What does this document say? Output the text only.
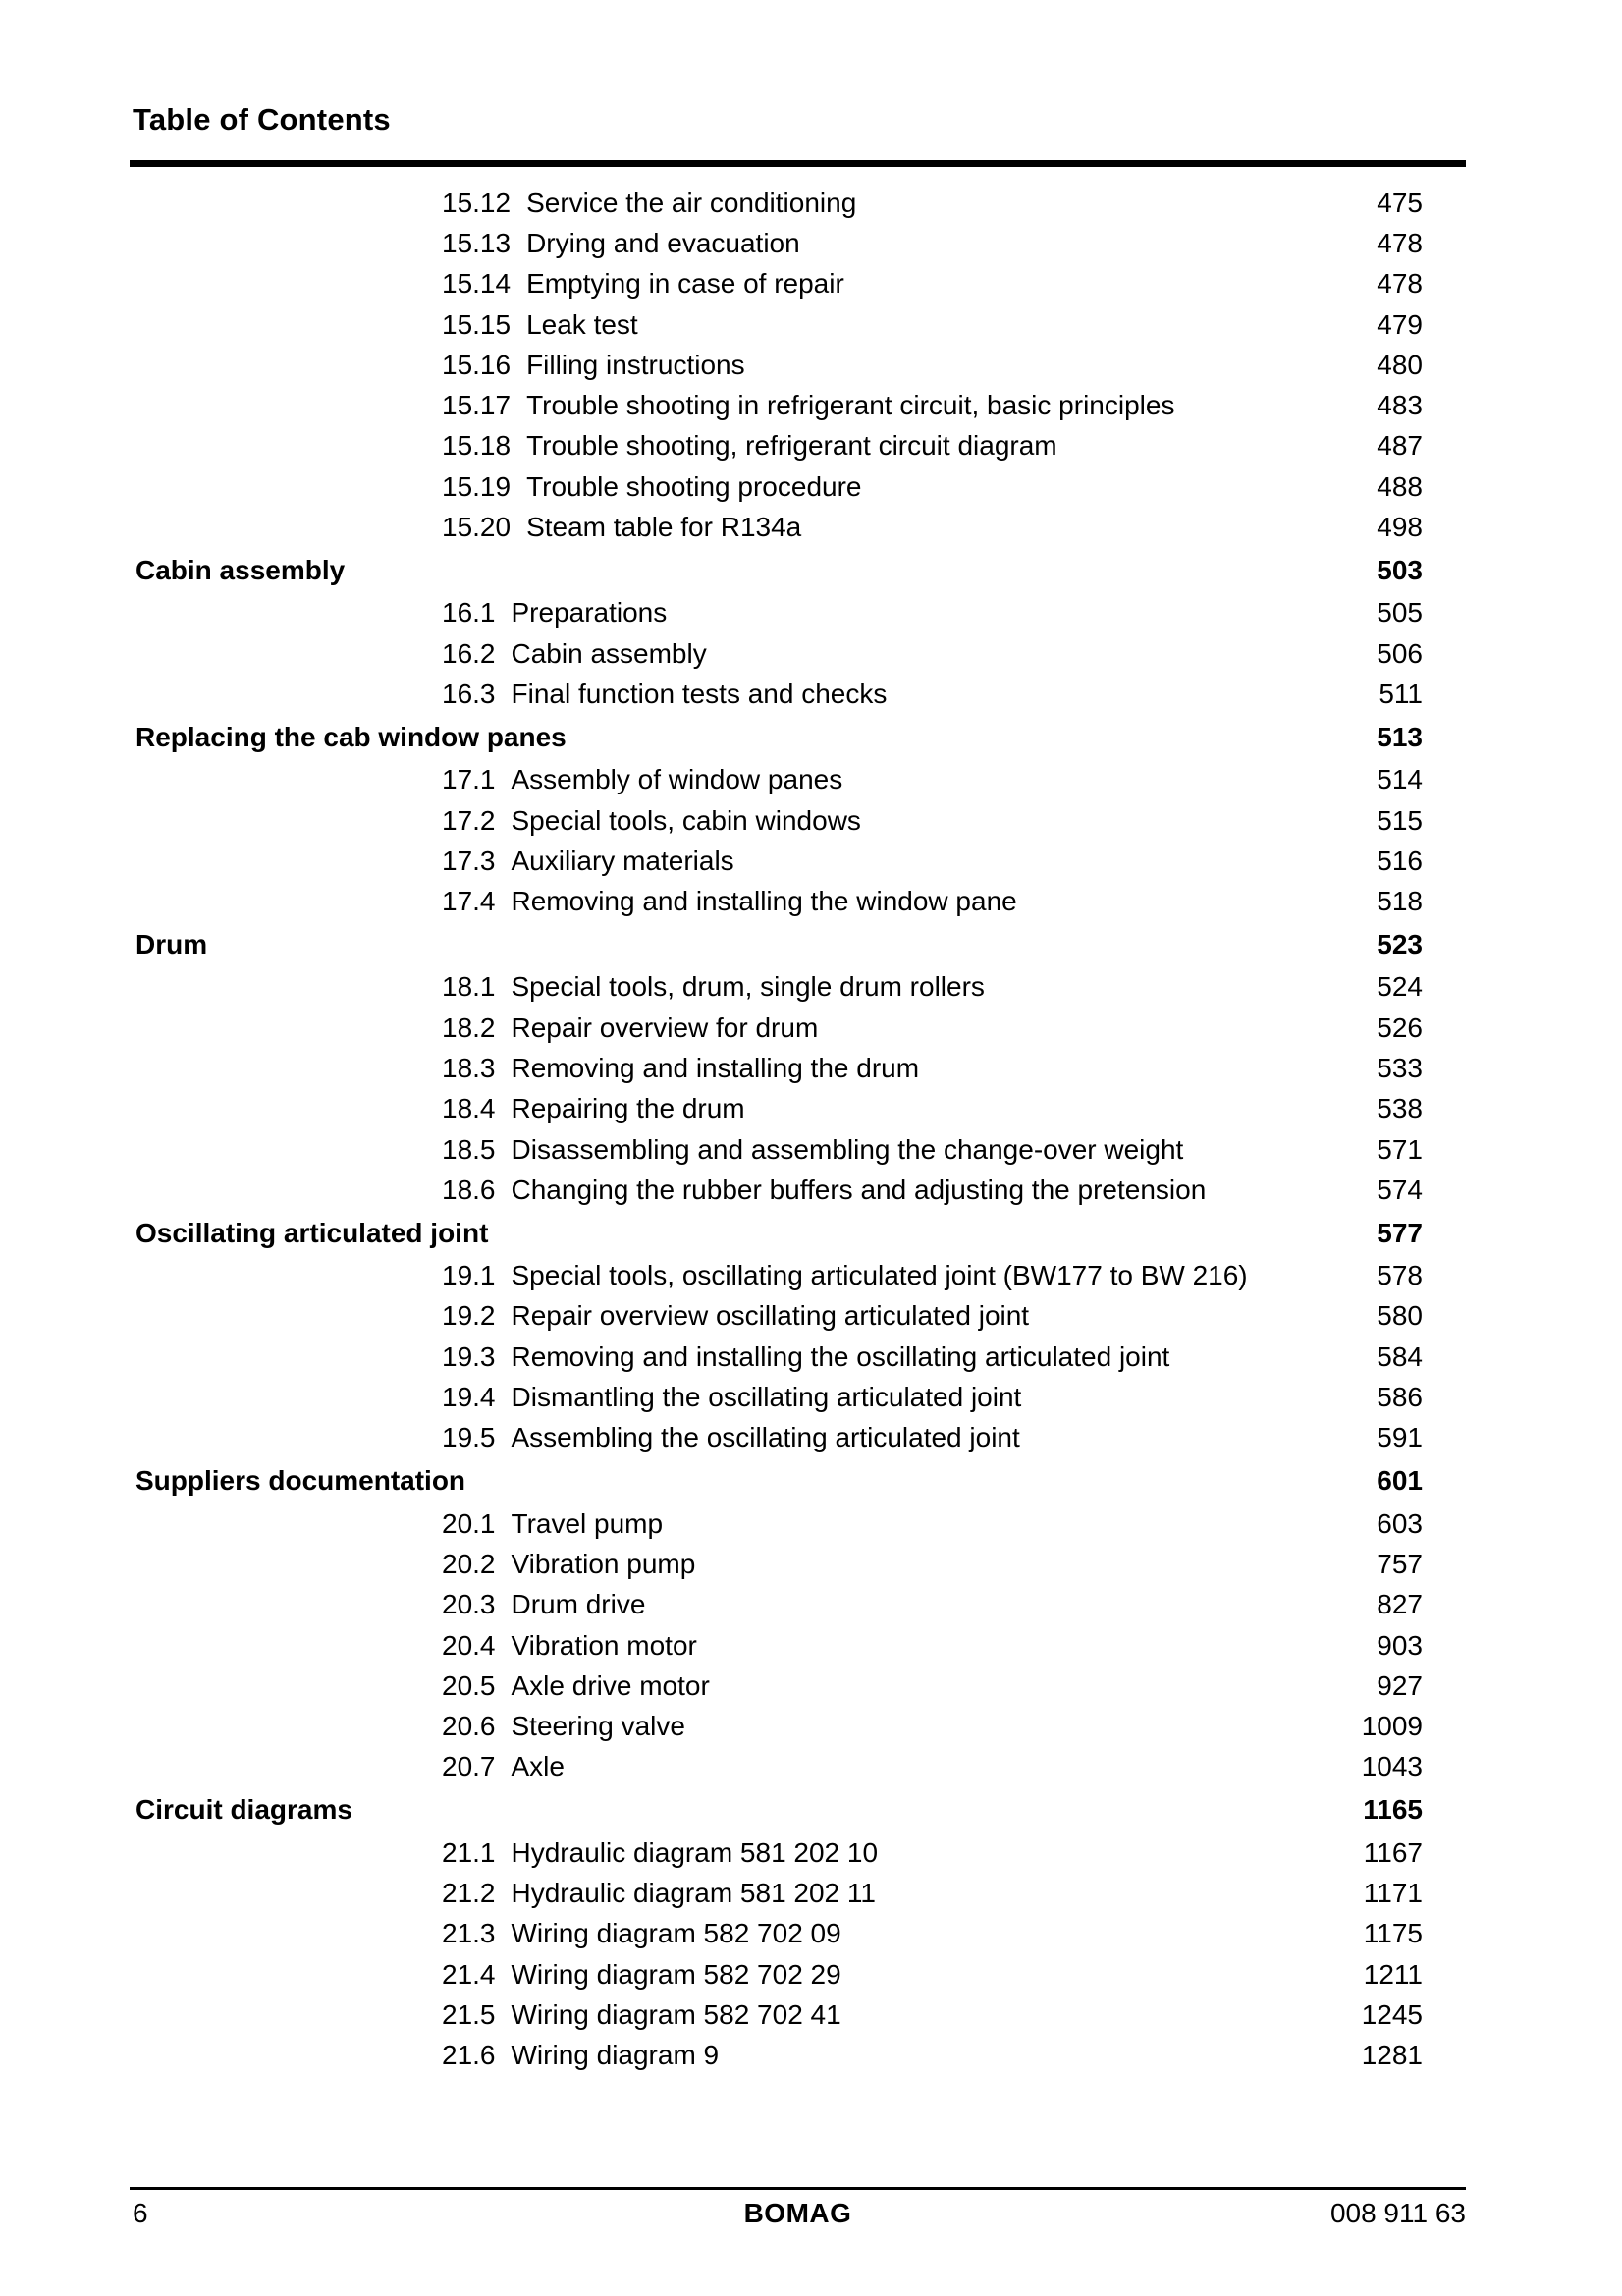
Table of Contents
15.12 Service the air conditioning	475
15.13 Drying and evacuation	478
15.14 Emptying in case of repair	478
15.15 Leak test	479
15.16 Filling instructions	480
15.17 Trouble shooting in refrigerant circuit, basic principles	483
15.18 Trouble shooting, refrigerant circuit diagram	487
15.19 Trouble shooting procedure	488
15.20 Steam table for R134a	498
Cabin assembly	503
16.1 Preparations	505
16.2 Cabin assembly	506
16.3 Final function tests and checks	511
Replacing the cab window panes	513
17.1 Assembly of window panes	514
17.2 Special tools, cabin windows	515
17.3 Auxiliary materials	516
17.4 Removing and installing the window pane	518
Drum	523
18.1 Special tools, drum, single drum rollers	524
18.2 Repair overview for drum	526
18.3 Removing and installing the drum	533
18.4 Repairing the drum	538
18.5 Disassembling and assembling the change-over weight	571
18.6 Changing the rubber buffers and adjusting the pretension	574
Oscillating articulated joint	577
19.1 Special tools, oscillating articulated joint (BW177 to BW 216)	578
19.2 Repair overview oscillating articulated joint	580
19.3 Removing and installing the oscillating articulated joint	584
19.4 Dismantling the oscillating articulated joint	586
19.5 Assembling the oscillating articulated joint	591
Suppliers documentation	601
20.1 Travel pump	603
20.2 Vibration pump	757
20.3 Drum drive	827
20.4 Vibration motor	903
20.5 Axle drive motor	927
20.6 Steering valve	1009
20.7 Axle	1043
Circuit diagrams	1165
21.1 Hydraulic diagram 581 202 10	1167
21.2 Hydraulic diagram 581 202 11	1171
21.3 Wiring diagram 582 702 09	1175
21.4 Wiring diagram 582 702 29	1211
21.5 Wiring diagram 582 702 41	1245
21.6 Wiring diagram 9	1281
6	BOMAG	008 911 63
